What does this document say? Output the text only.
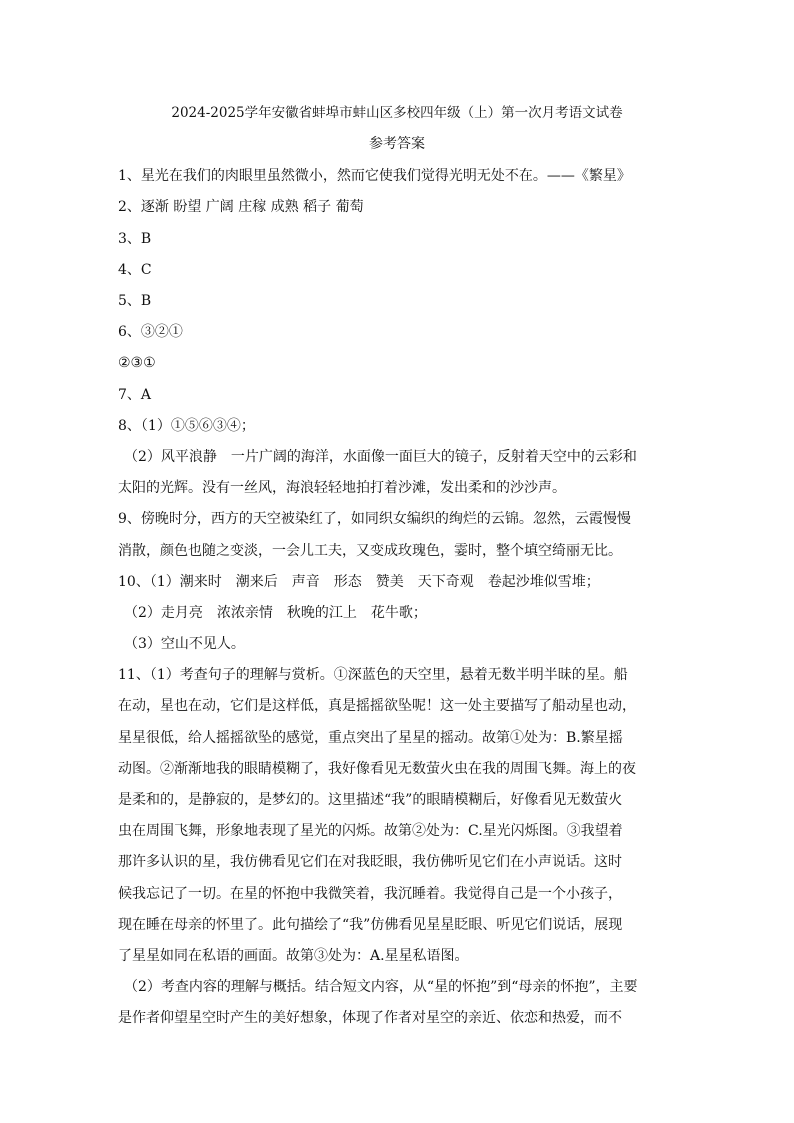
2024-2025学年安徽省蚌埠市蚌山区多校四年级（上）第一次月考语文试卷
参考答案
1、星光在我们的肉眼里虽然微小，然而它使我们觉得光明无处不在。——《繁星》
2、逐渐 盼望 广阔 庄稼 成熟 稻子 葡萄
3、B
4、C
5、B
6、③②①
②③①
7、A
8、（1）①⑤⑥③④；
（2）风平浪静　一片广阔的海洋，水面像一面巨大的镜子，反射着天空中的云彩和
太阳的光辉。没有一丝风，海浪轻轻地拍打着沙滩，发出柔和的沙沙声。
9、傍晚时分，西方的天空被染红了，如同织女编织的绚烂的云锦。忽然，云霞慢慢
消散，颜色也随之变淡，一会儿工夫，又变成玫瑰色，霎时，整个填空绮丽无比。
10、（1）潮来时　潮来后　声音　形态　赞美　天下奇观　卷起沙堆似雪堆；
（2）走月亮　浓浓亲情　秋晚的江上　花牛歌；
（3）空山不见人。
11、（1）考查句子的理解与赏析。①深蓝色的天空里，悬着无数半明半昧的星。船
在动，星也在动，它们是这样低，真是摇摇欲坠呢！这一处主要描写了船动星也动，
星星很低，给人摇摇欲坠的感觉，重点突出了星星的摇动。故第①处为：B.繁星摇
动图。②渐渐地我的眼睛模糊了，我好像看见无数萤火虫在我的周围飞舞。海上的夜
是柔和的，是静寂的，是梦幻的。这里描述“我”的眼睛模糊后，好像看见无数萤火
虫在周围飞舞，形象地表现了星光的闪烁。故第②处为：C.星光闪烁图。③我望着
那许多认识的星，我仿佛看见它们在对我眨眼，我仿佛听见它们在小声说话。这时
候我忘记了一切。在星的怀抱中我微笑着，我沉睡着。我觉得自己是一个小孩子，
现在睡在母亲的怀里了。此句描绘了“我”仿佛看见星星眨眼、听见它们说话，展现
了星星如同在私语的画面。故第③处为：A.星星私语图。
（2）考查内容的理解与概括。结合短文内容，从“星的怀抱”到“母亲的怀抱”，主要
是作者仰望星空时产生的美好想象，体现了作者对星空的亲近、依恋和热爱，而不
